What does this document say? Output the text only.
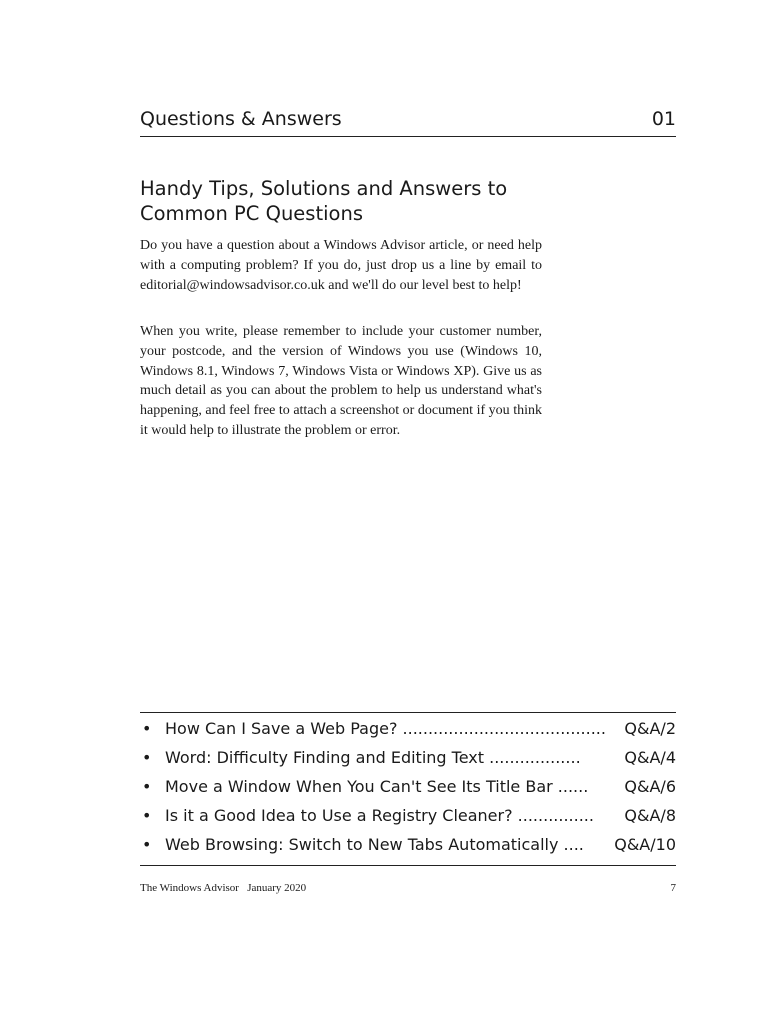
Questions & Answers	01
Handy Tips, Solutions and Answers to Common PC Questions
Do you have a question about a Windows Advisor article, or need help with a computing problem? If you do, just drop us a line by email to editorial@windowsadvisor.co.uk and we'll do our level best to help!
When you write, please remember to include your customer number, your postcode, and the version of Windows you use (Windows 10, Windows 8.1, Windows 7, Windows Vista or Windows XP). Give us as much detail as you can about the problem to help us understand what's happening, and feel free to attach a screenshot or document if you think it would help to illustrate the problem or error.
• How Can I Save a Web Page? ........................................ Q&A/2
• Word: Difficulty Finding and Editing Text ..................	Q&A/4
• Move a Window When You Can't See Its Title Bar ...... Q&A/6
• Is it a Good Idea to Use a Registry Cleaner? ............... Q&A/8
• Web Browsing: Switch to New Tabs Automatically .... Q&A/10
The Windows Advisor   January 2020	7
